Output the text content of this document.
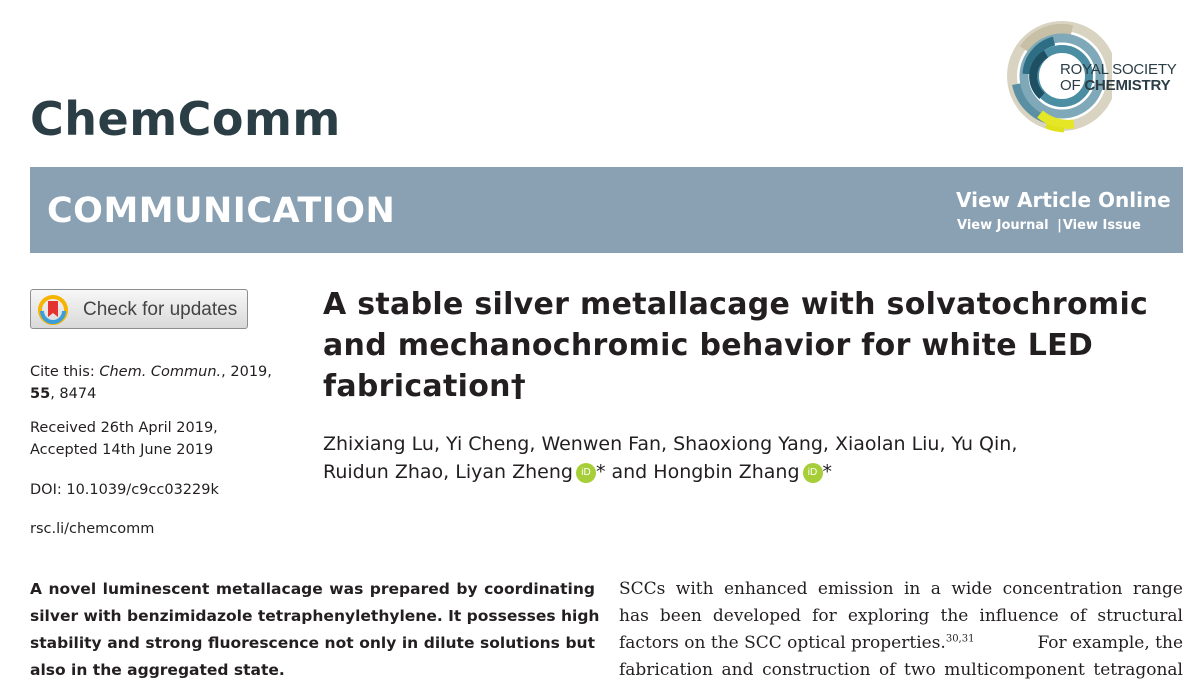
ChemComm
ROYAL SOCIETY
OF CHEMISTRY
COMMUNICATION	View Article Online
View Journal |View Issue
Check for updates
Cite this: Chem. Commun., 2019,
55, 8474
Received 26th April 2019,
Accepted 14th June 2019
DOI: 10.1039/c9cc03229k
rsc.li/chemcomm
A stable silver metallacage with solvatochromic
and mechanochromic behavior for white LED
fabrication†
Zhixiang Lu, Yi Cheng, Wenwen Fan, Shaoxiong Yang, Xiaolan Liu, Yu Qin,
Ruidun Zhao, Liyan Zheng iD * and Hongbin Zhang iD *
A novel luminescent metallacage was prepared by coordinating
silver with benzimidazole tetraphenylethylene. It possesses high
stability and strong fluorescence not only in dilute solutions but
also in the aggregated state.
SCCs with enhanced emission in a wide concentration range
has been developed for exploring the influence of structural
factors on the SCC optical properties.$^{30,31}$	For example, the
fabrication and construction of two multicomponent tetragonal
